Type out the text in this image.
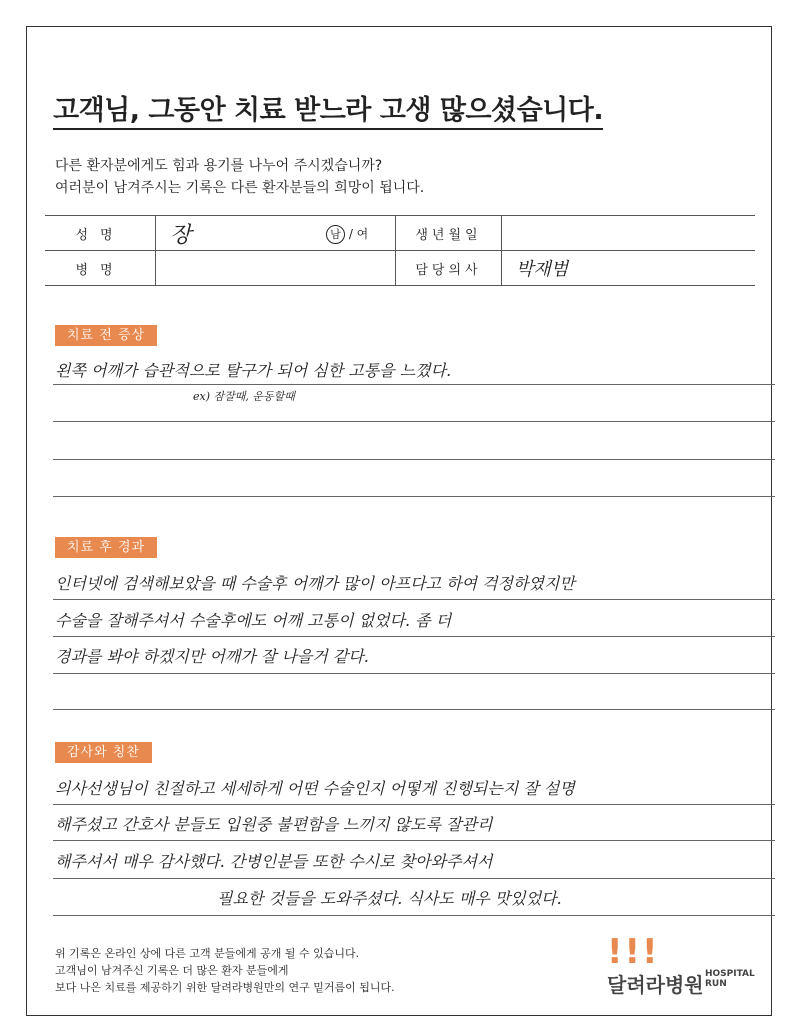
고객님, 그동안 치료 받느라 고생 많으셨습니다.

다른 환자분에게도 힘과 용기를 나누어 주시겠습니까?

여러분이 남겨주시는 기록은 다른 환자분들의 희망이 됩니다.

성명	장 남 / 여	생년월일	
병명		담당의사	박재범
치료 전 증상

왼쪽 어깨가 습관적으로 탈구가 되어 심한 고통을 느꼈다.

ex) 잠잘때, 운동할때
치료 후 경과

인터넷에 검색해보았을 때 수술후 어깨가 많이 아프다고 하여 걱정하였지만

수술을 잘해주셔서 수술후에도 어깨 고통이 없었다. 좀 더

경과를 봐야 하겠지만 어깨가 잘 나을거 같다.

감사와 칭찬

의사선생님이 친절하고 세세하게 어떤 수술인지 어떻게 진행되는지 잘 설명

해주셨고 간호사 분들도 입원중 불편함을 느끼지 않도록 잘관리

해주셔서 매우 감사했다. 간병인분들 또한 수시로 찾아와주셔서

필요한 것들을 도와주셨다. 식사도 매우 맛있었다.

위 기록은 온라인 상에 다른 고객 분들에게 공개 될 수 있습니다.
고객님이 남겨주신 기록은 더 많은 환자 분들에게
보다 나은 치료를 제공하기 위한 달려라병원만의 연구 밑거름이 됩니다.
!!!
달려라병원 HOSPITAL
RUN
